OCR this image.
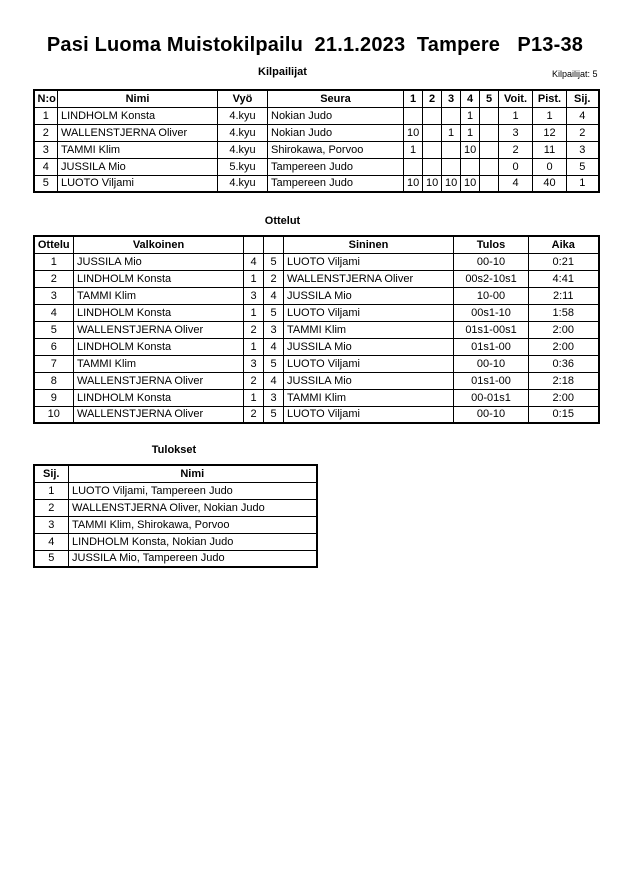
Pasi Luoma Muistokilpailu  21.1.2023  Tampere   P13-38
Kilpailijat	Kilpailijat: 5
N:o	Nimi	Vyö	Seura	1	2	3	4	5	Voit.	Pist.	Sij.
1	LINDHOLM Konsta	4.kyu	Nokian Judo				1		1	1	4
2	WALLENSTJERNA Oliver	4.kyu	Nokian Judo	10		1	1		3	12	2
3	TAMMI Klim	4.kyu	Shirokawa, Porvoo	1			10		2	11	3
4	JUSSILA Mio	5.kyu	Tampereen Judo						0	0	5
5	LUOTO Viljami	4.kyu	Tampereen Judo	10	10	10	10		4	40	1
Ottelut
Ottelu	Valkoinen			Sininen	Tulos	Aika
1	JUSSILA Mio	4	5	LUOTO Viljami	00-10	0:21
2	LINDHOLM Konsta	1	2	WALLENSTJERNA Oliver	00s2-10s1	4:41
3	TAMMI Klim	3	4	JUSSILA Mio	10-00	2:11
4	LINDHOLM Konsta	1	5	LUOTO Viljami	00s1-10	1:58
5	WALLENSTJERNA Oliver	2	3	TAMMI Klim	01s1-00s1	2:00
6	LINDHOLM Konsta	1	4	JUSSILA Mio	01s1-00	2:00
7	TAMMI Klim	3	5	LUOTO Viljami	00-10	0:36
8	WALLENSTJERNA Oliver	2	4	JUSSILA Mio	01s1-00	2:18
9	LINDHOLM Konsta	1	3	TAMMI Klim	00-01s1	2:00
10	WALLENSTJERNA Oliver	2	5	LUOTO Viljami	00-10	0:15
Tulokset
Sij.	Nimi
1	LUOTO Viljami, Tampereen Judo
2	WALLENSTJERNA Oliver, Nokian Judo
3	TAMMI Klim, Shirokawa, Porvoo
4	LINDHOLM Konsta, Nokian Judo
5	JUSSILA Mio, Tampereen Judo
